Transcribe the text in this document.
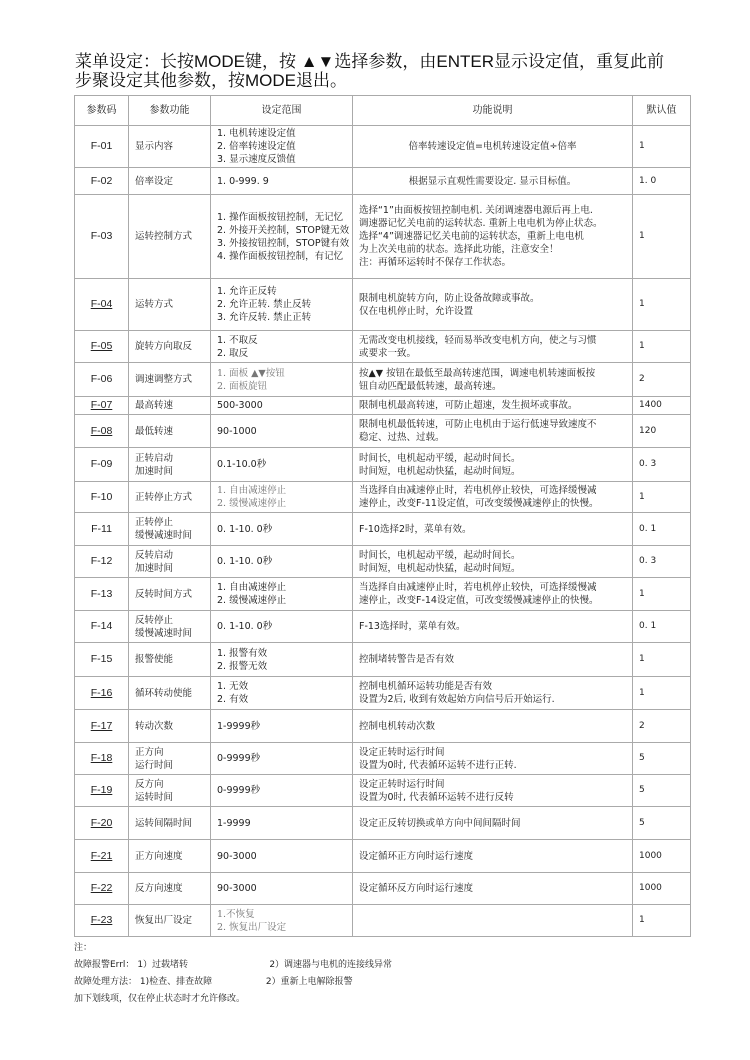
菜单设定：长按MODE键，按 ▲▼选择参数，由ENTER显示设定值，重复此前
步聚设定其他参数，按MODE退出。
参数码	参数功能	设定范围	功能说明	默认值
F-01	显示内容	1. 电机转速设定值
2. 倍率转速设定值
3. 显示速度反馈值	倍率转速设定值=电机转速设定值÷倍率	1
F-02	倍率设定	1. 0-999. 9	根据显示直观性需要设定. 显示目标值。	1. 0
F-03	运转控制方式	1. 操作面板按钮控制，无记忆
2. 外接开关控制，STOP键无效
3. 外接按钮控制，STOP键有效
4. 操作面板按钮控制，有记忆	选择“1”由面板按钮控制电机. 关闭调速器电源后再上电.
调速器记忆关电前的运转状态. 重新上电电机为停止状态。
选择“4”调速器记忆关电前的运转状态，重新上电电机
为上次关电前的状态。选择此功能，注意安全！
注：再循环运转时不保存工作状态。	1
F-04	运转方式	1. 允许正反转
2. 允许正转. 禁止反转
3. 允许反转. 禁止正转	限制电机旋转方向，防止设备故障或事故。
仅在电机停止时，允许设置	1
F-05	旋转方向取反	1. 不取反
2. 取反	无需改变电机接线，轻而易举改变电机方向，使之与习惯
或要求一致。	1
F-06	调速调整方式	1. 面板 ▲▼按钮
2. 面板旋钮	按▲▼ 按钮在最低至最高转速范围，调速电机转速面板按
钮自动匹配最低转速，最高转速。	2
F-07	最高转速	500-3000	限制电机最高转速，可防止超速，发生损坏或事故。	1400
F-08	最低转速	90-1000	限制电机最低转速，可防止电机由于运行低速导致速度不
稳定、过热、过载。	120
F-09	正转启动
加速时间	0.1-10.0秒	时间长，电机起动平缓，起动时间长。
时间短，电机起动快猛，起动时间短。	0. 3
F-10	正转停止方式	1. 自由减速停止
2. 缓慢减速停止	当选择自由减速停止时，若电机停止较快，可选择缓慢减
速停止，改变F-11设定值，可改变缓慢减速停止的快慢。	1
F-11	正转停止
缓慢减速时间	0. 1-10. 0秒	F-10选择2时，菜单有效。	0. 1
F-12	反转启动
加速时间	0. 1-10. 0秒	时间长，电机起动平缓，起动时间长。
时间短，电机起动快猛，起动时间短。	0. 3
F-13	反转时间方式	1. 自由减速停止
2. 缓慢减速停止	当选择自由减速停止时，若电机停止较快，可选择缓慢减
速停止，改变F-14设定值，可改变缓慢减速停止的快慢。	1
F-14	反转停止
缓慢减速时间	0. 1-10. 0秒	F-13选择时，菜单有效。	0. 1
F-15	报警使能	1. 报警有效
2. 报警无效	控制堵转警告是否有效	1
F-16	循环转动使能	1. 无效
2. 有效	控制电机循环运转功能是否有效
设置为2后, 收到有效起始方向信号后开始运行.	1
F-17	转动次数	1-9999秒	控制电机转动次数	2
F-18	正方向
运行时间	0-9999秒	设定正转时运行时间
设置为0时, 代表循环运转不进行正转.	5
F-19	反方向
运转时间	0-9999秒	设定正转时运行时间
设置为0时, 代表循环运转不进行反转	5
F-20	运转间隔时间	1-9999	设定正反转切换或单方向中间间隔时间	5
F-21	正方向速度	90-3000	设定循环正方向时运行速度	1000
F-22	反方向速度	90-3000	设定循环反方向时运行速度	1000
F-23	恢复出厂设定	1.不恢复
2. 恢复出厂设定		1
注：
故障报警Errl： 1）过载堵转	2）调速器与电机的连接线异常
故障处理方法： 1)检查、排查故障	2）重新上电解除报警
加下划线项，仅在停止状态时才允许修改。
